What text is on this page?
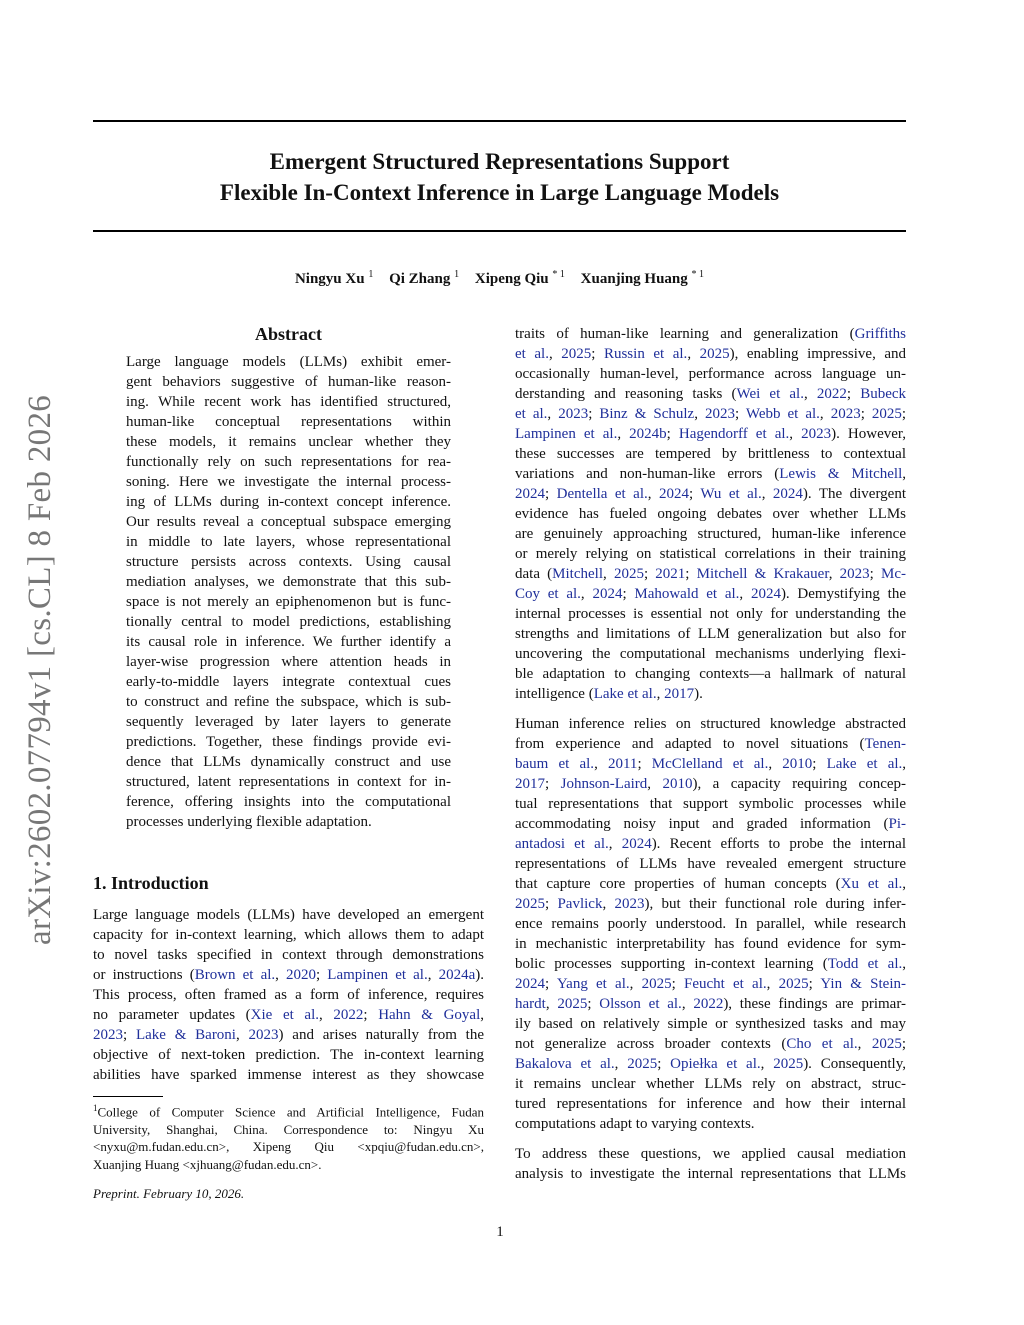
Emergent Structured Representations Support
Flexible In-Context Inference in Large Language Models
Ningyu Xu $^1$ Qi Zhang $^1$ Xipeng Qiu $^{* 1}$ Xuanjing Huang $^{* 1}$
arXiv:2602.07794v1 [cs.CL] 8 Feb 2026
Abstract
Large language models (LLMs) exhibit emer-
gent behaviors suggestive of human-like reason-
ing. While recent work has identified structured,
human-like conceptual representations within
these models, it remains unclear whether they
functionally rely on such representations for rea-
soning. Here we investigate the internal process-
ing of LLMs during in-context concept inference.
Our results reveal a conceptual subspace emerging
in middle to late layers, whose representational
structure persists across contexts. Using causal
mediation analyses, we demonstrate that this sub-
space is not merely an epiphenomenon but is func-
tionally central to model predictions, establishing
its causal role in inference. We further identify a
layer-wise progression where attention heads in
early-to-middle layers integrate contextual cues
to construct and refine the subspace, which is sub-
sequently leveraged by later layers to generate
predictions. Together, these findings provide evi-
dence that LLMs dynamically construct and use
structured, latent representations in context for in-
ference, offering insights into the computational
processes underlying flexible adaptation.
1. Introduction
Large language models (LLMs) have developed an emergent
capacity for in-context learning, which allows them to adapt
to novel tasks specified in context through demonstrations
or instructions (Brown et al., 2020; Lampinen et al., 2024a).
This process, often framed as a form of inference, requires
no parameter updates (Xie et al., 2022; Hahn & Goyal,
2023; Lake & Baroni, 2023) and arises naturally from the
objective of next-token prediction. The in-context learning
abilities have sparked immense interest as they showcase
$^1$College of Computer Science and Artificial Intelligence, Fudan
University, Shanghai, China. Correspondence to: Ningyu Xu
<nyxu@m.fudan.edu.cn>, Xipeng Qiu <xpqiu@fudan.edu.cn>,
Xuanjing Huang <xjhuang@fudan.edu.cn>.
Preprint. February 10, 2026.

traits of human-like learning and generalization (Griffiths
et al., 2025; Russin et al., 2025), enabling impressive, and
occasionally human-level, performance across language un-
derstanding and reasoning tasks (Wei et al., 2022; Bubeck
et al., 2023; Binz & Schulz, 2023; Webb et al., 2023; 2025;
Lampinen et al., 2024b; Hagendorff et al., 2023). However,
these successes are tempered by brittleness to contextual
variations and non-human-like errors (Lewis & Mitchell,
2024; Dentella et al., 2024; Wu et al., 2024). The divergent
evidence has fueled ongoing debates over whether LLMs
are genuinely approaching structured, human-like inference
or merely relying on statistical correlations in their training
data (Mitchell, 2025; 2021; Mitchell & Krakauer, 2023; Mc-
Coy et al., 2024; Mahowald et al., 2024). Demystifying the
internal processes is essential not only for understanding the
strengths and limitations of LLM generalization but also for
uncovering the computational mechanisms underlying flexi-
ble adaptation to changing contexts—a hallmark of natural
intelligence (Lake et al., 2017).

Human inference relies on structured knowledge abstracted
from experience and adapted to novel situations (Tenen-
baum et al., 2011; McClelland et al., 2010; Lake et al.,
2017; Johnson-Laird, 2010), a capacity requiring concep-
tual representations that support symbolic processes while
accommodating noisy input and graded information (Pi-
antadosi et al., 2024). Recent efforts to probe the internal
representations of LLMs have revealed emergent structure
that capture core properties of human concepts (Xu et al.,
2025; Pavlick, 2023), but their functional role during infer-
ence remains poorly understood. In parallel, while research
in mechanistic interpretability has found evidence for sym-
bolic processes supporting in-context learning (Todd et al.,
2024; Yang et al., 2025; Feucht et al., 2025; Yin & Stein-
hardt, 2025; Olsson et al., 2022), these findings are primar-
ily based on relatively simple or synthesized tasks and may
not generalize across broader contexts (Cho et al., 2025;
Bakalova et al., 2025; Opiełka et al., 2025). Consequently,
it remains unclear whether LLMs rely on abstract, struc-
tured representations for inference and how their internal
computations adapt to varying contexts.

To address these questions, we applied causal mediation
analysis to investigate the internal representations that LLMs

1
